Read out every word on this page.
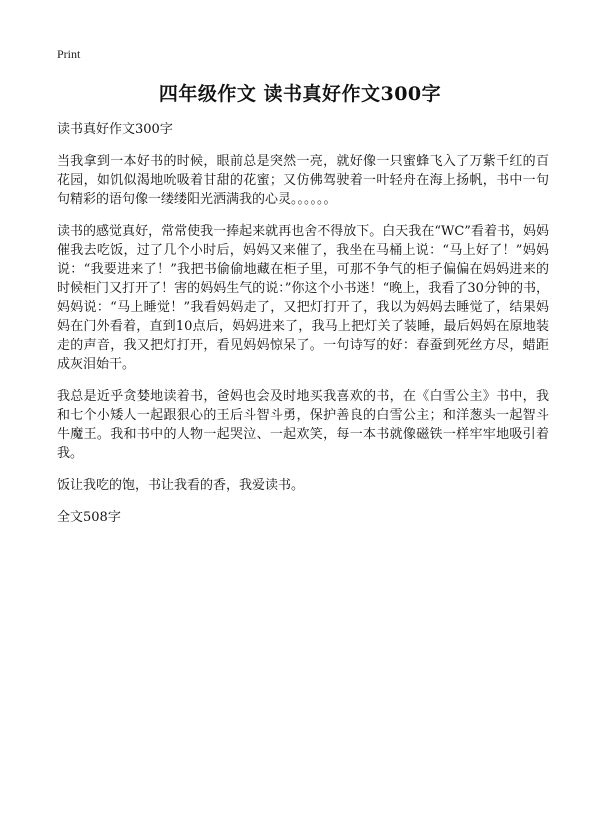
Print
四年级作文 读书真好作文300字

读书真好作文300字

当我拿到一本好书的时候，眼前总是突然一亮，就好像一只蜜蜂飞入了万紫千红的百花园，如饥似渴地吮吸着甘甜的花蜜；又仿佛驾驶着一叶轻舟在海上扬帆，书中一句句精彩的语句像一缕缕阳光洒满我的心灵。。。。。。

读书的感觉真好，常常使我一捧起来就再也舍不得放下。白天我在“WC”看着书，妈妈催我去吃饭，过了几个小时后，妈妈又来催了，我坐在马桶上说：“马上好了！”妈妈说：“我要进来了！”我把书偷偷地藏在柜子里，可那不争气的柜子偏偏在妈妈进来的时候柜门又打开了！害的妈妈生气的说：”你这个小书迷！“晚上，我看了30分钟的书，妈妈说：“马上睡觉！”我看妈妈走了，又把灯打开了，我以为妈妈去睡觉了，结果妈妈在门外看着，直到10点后，妈妈进来了，我马上把灯关了装睡，最后妈妈在原地装走的声音，我又把灯打开，看见妈妈惊呆了。一句诗写的好：春蚕到死丝方尽，蜡距成灰泪始干。

我总是近乎贪婪地读着书，爸妈也会及时地买我喜欢的书，在《白雪公主》书中，我和七个小矮人一起跟狠心的王后斗智斗勇，保护善良的白雪公主；和洋葱头一起智斗牛魔王。我和书中的人物一起哭泣、一起欢笑，每一本书就像磁铁一样牢牢地吸引着我。

饭让我吃的饱，书让我看的香，我爱读书。

全文508字
